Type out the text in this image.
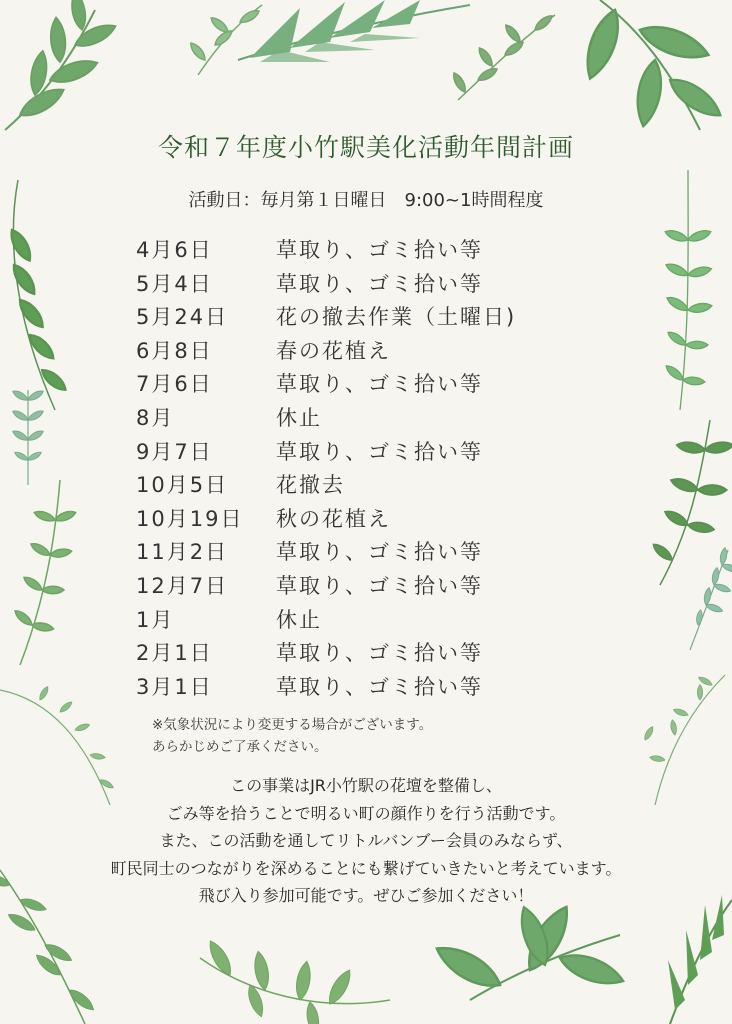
令和７年度小竹駅美化活動年間計画
活動日：毎月第１日曜日　9:00~1時間程度
4月6日	草取り、ゴミ拾い等
5月4日	草取り、ゴミ拾い等
5月24日 花の撤去作業（土曜日)
6月8日	春の花植え
7月6日	草取り、ゴミ拾い等
8月	休止
9月7日	草取り、ゴミ拾い等
10月5日 花撤去
10月19日 秋の花植え
11月2日 草取り、ゴミ拾い等
12月7日 草取り、ゴミ拾い等
1月	休止
2月1日	草取り、ゴミ拾い等
3月1日	草取り、ゴミ拾い等
※気象状況により変更する場合がございます。
あらかじめご了承ください。
この事業はJR小竹駅の花壇を整備し、
ごみ等を拾うことで明るい町の顔作りを行う活動です。
また、この活動を通してリトルバンブー会員のみならず、
町民同士のつながりを深めることにも繋げていきたいと考えています。
飛び入り参加可能です。ぜひご参加ください！
